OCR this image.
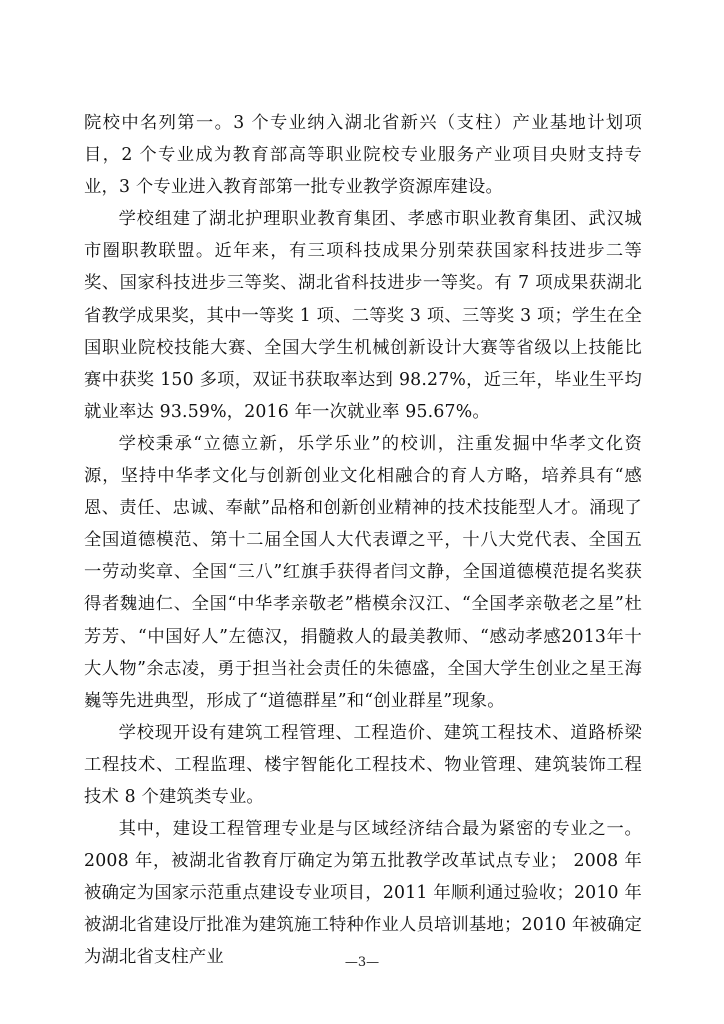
院校中名列第一。3 个专业纳入湖北省新兴（支柱）产业基地计划项目，2 个专业成为教育部高等职业院校专业服务产业项目央财支持专业，3 个专业进入教育部第一批专业教学资源库建设。

学校组建了湖北护理职业教育集团、孝感市职业教育集团、武汉城市圈职教联盟。近年来，有三项科技成果分别荣获国家科技进步二等奖、国家科技进步三等奖、湖北省科技进步一等奖。有 7 项成果获湖北省教学成果奖，其中一等奖 1 项、二等奖 3 项、三等奖 3 项；学生在全国职业院校技能大赛、全国大学生机械创新设计大赛等省级以上技能比赛中获奖 150 多项，双证书获取率达到 98.27%，近三年，毕业生平均就业率达 93.59%，2016 年一次就业率 95.67%。

学校秉承“立德立新，乐学乐业”的校训，注重发掘中华孝文化资源，坚持中华孝文化与创新创业文化相融合的育人方略，培养具有“感恩、责任、忠诚、奉献”品格和创新创业精神的技术技能型人才。涌现了全国道德模范、第十二届全国人大代表谭之平，十八大党代表、全国五一劳动奖章、全国“三八”红旗手获得者闫文静，全国道德模范提名奖获得者魏迪仁、全国“中华孝亲敬老”楷模余汉江、“全国孝亲敬老之星”杜芳芳、“中国好人”左德汉，捐髓救人的最美教师、“感动孝感2013年十大人物”余志凌，勇于担当社会责任的朱德盛，全国大学生创业之星王海巍等先进典型，形成了“道德群星”和“创业群星”现象。

学校现开设有建筑工程管理、工程造价、建筑工程技术、道路桥梁工程技术、工程监理、楼宇智能化工程技术、物业管理、建筑装饰工程技术 8 个建筑类专业。

其中，建设工程管理专业是与区域经济结合最为紧密的专业之一。2008 年，被湖北省教育厅确定为第五批教学改革试点专业； 2008 年被确定为国家示范重点建设专业项目，2011 年顺利通过验收；2010 年被湖北省建设厅批准为建筑施工特种作业人员培训基地；2010 年被确定为湖北省支柱产业	—3—
